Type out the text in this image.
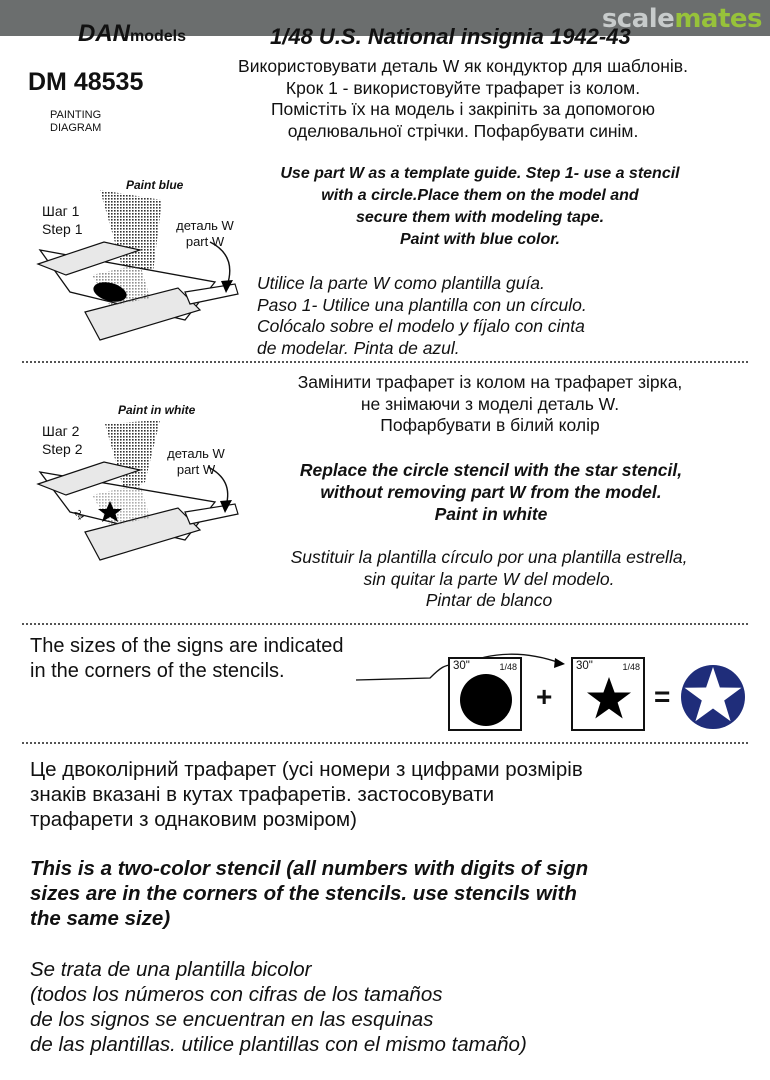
scalemates
DANmodels	1/48 U.S. National insignia 1942-43
DM 48535
PAINTING
DIAGRAM
Використовувати деталь W як кондуктор для шаблонів.
Крок 1 - використовуйте трафарет із колом.
Помістіть їх на модель і закріпіть за допомогою
оделювальної стрічки. Пофарбувати синім.
Use part W as a template guide. Step 1- use a stencil
with a circle.Place them on the model and
secure them with modeling tape.
Paint with blue color.
Utilice la parte W como plantilla guía.
Paso 1- Utilice una plantilla con un círculo.
Colócalo sobre el modelo y fíjalo con cinta
de modelar. Pinta de azul.
Paint blue
Шаг 1
Step 1	деталь W
part W
Замінити трафарет із колом на трафарет зірка,
не знімаючи з моделі деталь W.
Пофарбувати в білий колір
Replace the circle stencil with the star stencil,
without removing part W from the model.
Paint in white
Sustituir la plantilla círculo por una plantilla estrella,
sin quitar la parte W del modelo.
Pintar de blanco
Paint in white
Шаг 2
Step 2	деталь W
part W
24
The sizes of the signs are indicated
in the corners of the stencils.	30"	1/48
+
30"	1/48
=
Це двоколірний трафарет (усі номери з цифрами розмірів
знаків вказані в кутах трафаретів. застосовувати
трафарети з однаковим розміром)
This is a two-color stencil (all numbers with digits of sign
sizes are in the corners of the stencils. use stencils with
the same size)
Se trata de una plantilla bicolor
(todos los números con cifras de los tamaños
de los signos se encuentran en las esquinas
de las plantillas. utilice plantillas con el mismo tamaño)
